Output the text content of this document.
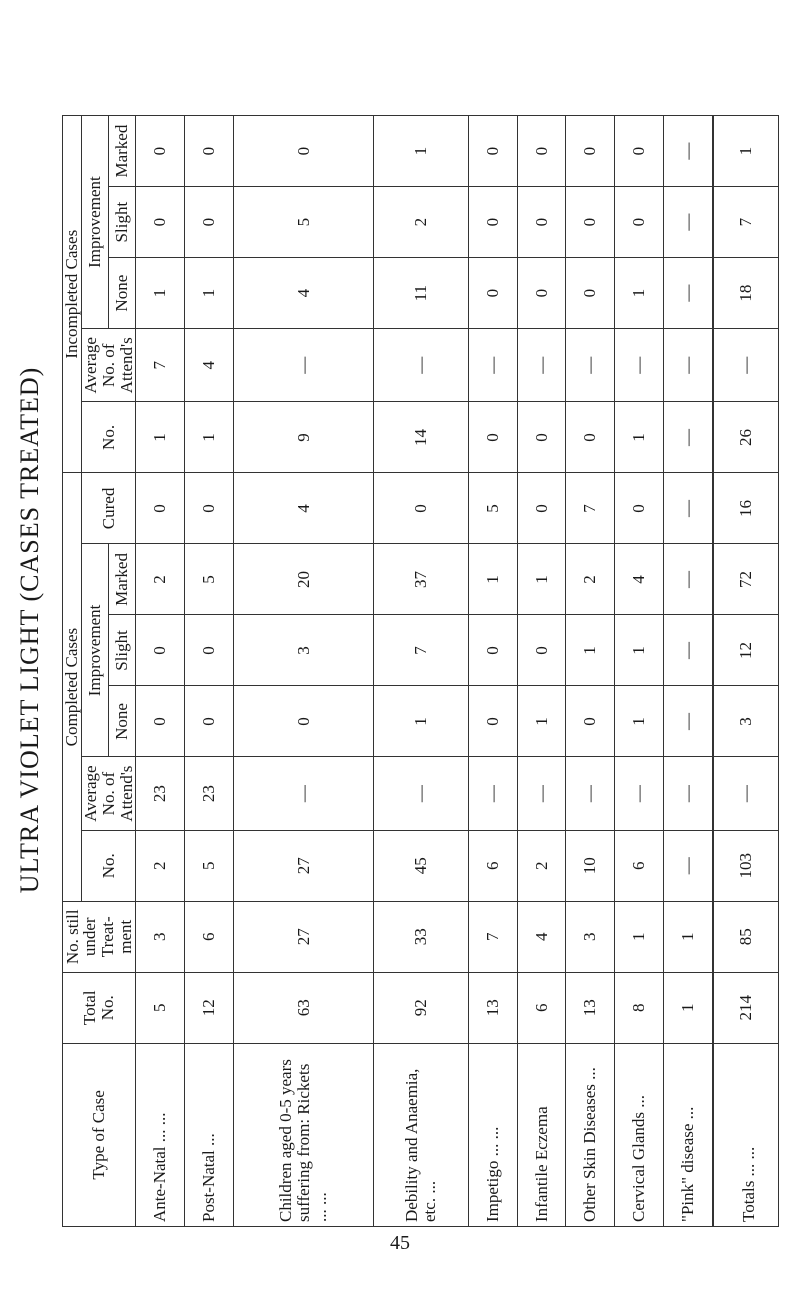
ULTRA VIOLET LIGHT (CASES TREATED)
Type of Case	Total No.	No. still under Treat-ment	Completed Cases						Incompleted Cases				
			No.	Average No. of Attend's	Improvement			Cured	No.	Average No. of Attend's	Improvement		
					None	Slight	Marked				None	Slight	Marked
Ante-Natal ... ...	5	3	2	23	0	0	2	0	1	7	1	0	0
Post-Natal ...	12	6	5	23	0	0	5	0	1	4	1	0	0
Children aged 0-5 years suffering from: Rickets ... ...	63	27	27	—	0	3	20	4	9	—	4	5	0
Debility and Anaemia, etc. ...	92	33	45	—	1	7	37	0	14	—	11	2	1
Impetigo ... ...	13	7	6	—	0	0	1	5	0	—	0	0	0
Infantile Eczema	6	4	2	—	1	0	1	0	0	—	0	0	0
Other Skin Diseases ...	13	3	10	—	0	1	2	7	0	—	0	0	0
Cervical Glands ...	8	1	6	—	1	1	4	0	1	—	1	0	0
"Pink" disease ...	1	1	—	—	—	—	—	—	—	—	—	—	—
Totals ... ...	214	85	103	—	3	12	72	16	26	—	18	7	1
45
